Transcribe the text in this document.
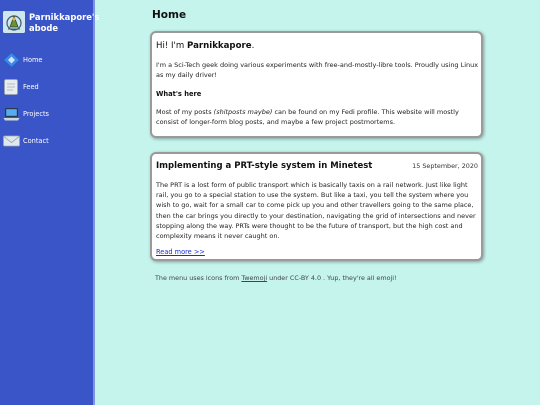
Parnikkapore's
abode
Home
Feed
Projects
Contact
Home
Hi! I'm Parnikkapore.
I'm a Sci-Tech geek doing various experiments with free-and-mostly-libre tools. Proudly using Linux as my daily driver!
What's here
Most of my posts (shitposts maybe) can be found on my Fedi profile. This website will mostly consist of longer-form blog posts, and maybe a few project postmortems.
Implementing a PRT-style system in Minetest	15 September, 2020
The PRT is a lost form of public transport which is basically taxis on a rail network. Just like light rail, you go to a special station to use the system. But like a taxi, you tell the system where you wish to go, wait for a small car to come pick up you and other travellers going to the same place, then the car brings you directly to your destination, navigating the grid of intersections and never stopping along the way. PRTs were thought to be the future of transport, but the high cost and complexity means it never caught on.
Read more >>
The menu uses icons from Twemoji under CC-BY 4.0 . Yup, they're all emoji!
